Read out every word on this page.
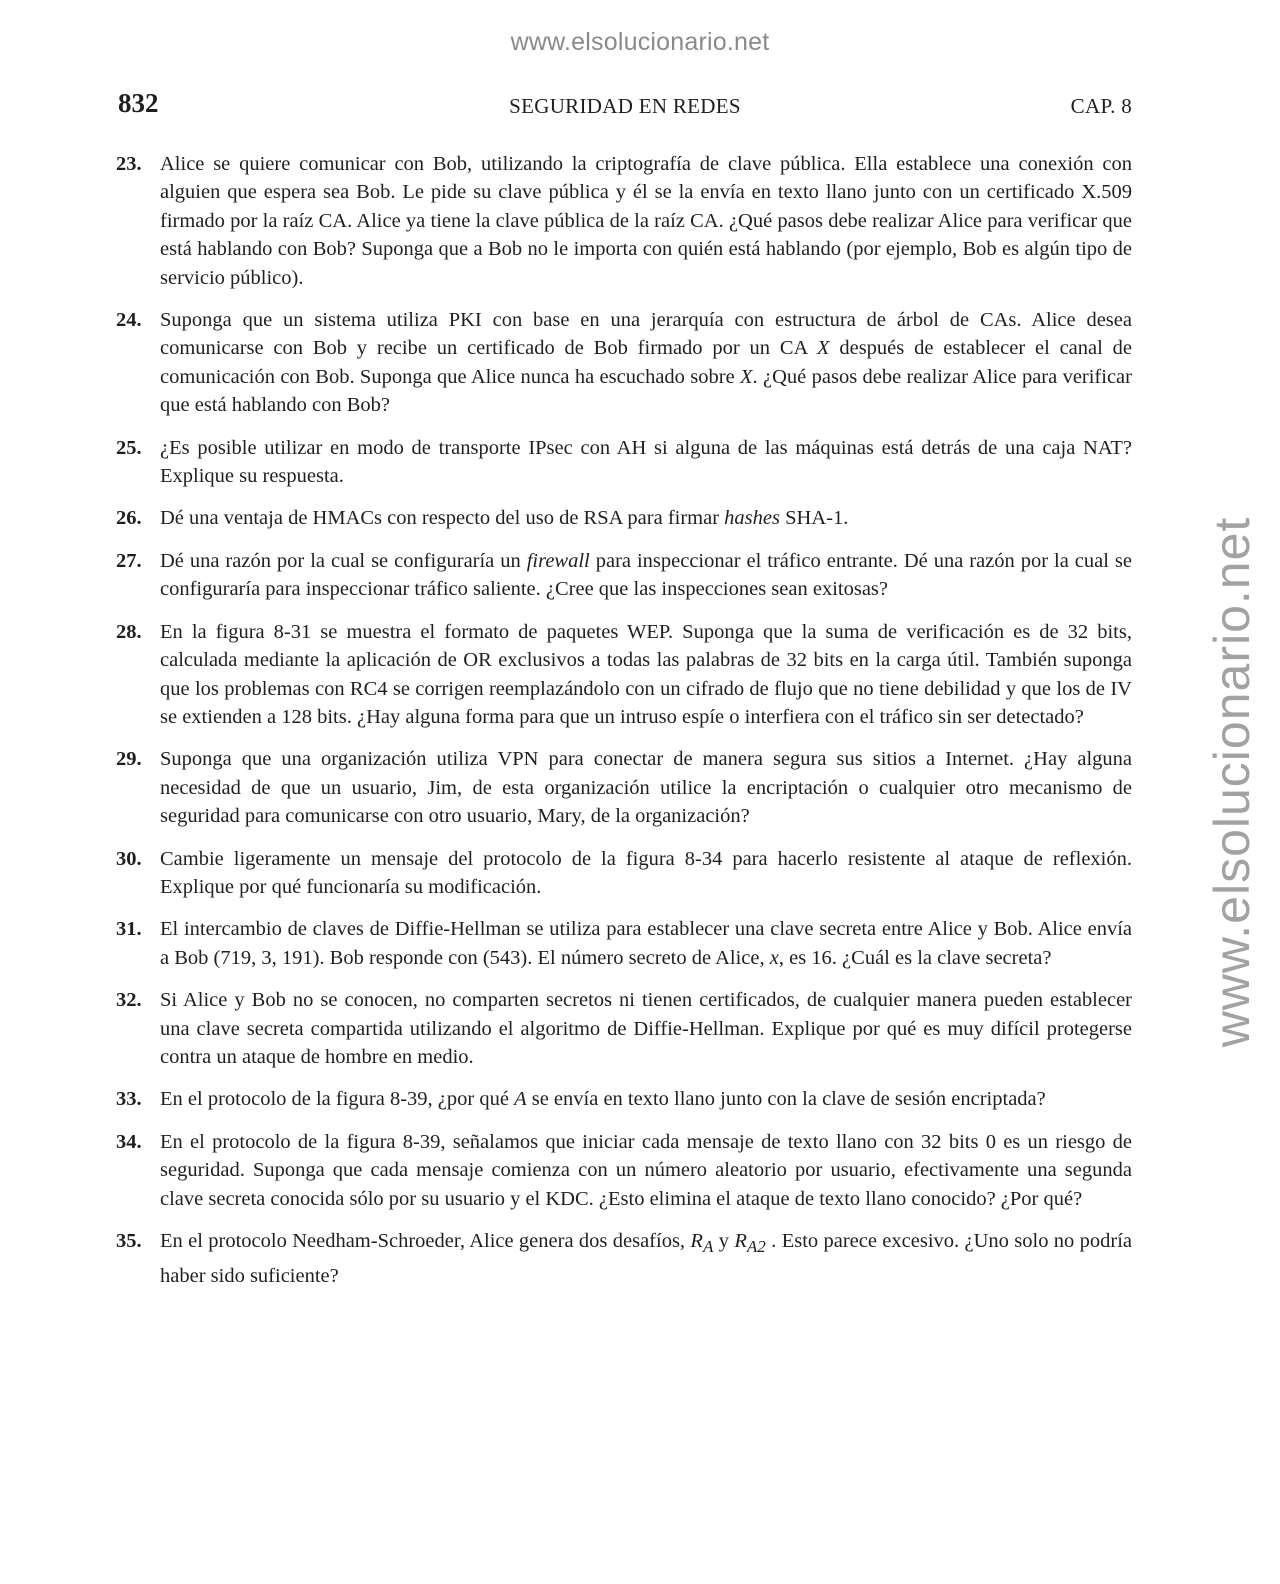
www.elsolucionario.net
www.elsolucionario.net
832	SEGURIDAD EN REDES	CAP. 8
23. Alice se quiere comunicar con Bob, utilizando la criptografía de clave pública. Ella establece una conexión con alguien que espera sea Bob. Le pide su clave pública y él se la envía en texto llano junto con un certificado X.509 firmado por la raíz CA. Alice ya tiene la clave pública de la raíz CA. ¿Qué pasos debe realizar Alice para verificar que está hablando con Bob? Suponga que a Bob no le importa con quién está hablando (por ejemplo, Bob es algún tipo de servicio público).
24. Suponga que un sistema utiliza PKI con base en una jerarquía con estructura de árbol de CAs. Alice desea comunicarse con Bob y recibe un certificado de Bob firmado por un CA X después de establecer el canal de comunicación con Bob. Suponga que Alice nunca ha escuchado sobre X. ¿Qué pasos debe realizar Alice para verificar que está hablando con Bob?
25. ¿Es posible utilizar en modo de transporte IPsec con AH si alguna de las máquinas está detrás de una caja NAT? Explique su respuesta.
26. Dé una ventaja de HMACs con respecto del uso de RSA para firmar hashes SHA-1.
27. Dé una razón por la cual se configuraría un firewall para inspeccionar el tráfico entrante. Dé una razón por la cual se configuraría para inspeccionar tráfico saliente. ¿Cree que las inspecciones sean exitosas?
28. En la figura 8-31 se muestra el formato de paquetes WEP. Suponga que la suma de verificación es de 32 bits, calculada mediante la aplicación de OR exclusivos a todas las palabras de 32 bits en la carga útil. También suponga que los problemas con RC4 se corrigen reemplazándolo con un cifrado de flujo que no tiene debilidad y que los de IV se extienden a 128 bits. ¿Hay alguna forma para que un intruso espíe o interfiera con el tráfico sin ser detectado?
29. Suponga que una organización utiliza VPN para conectar de manera segura sus sitios a Internet. ¿Hay alguna necesidad de que un usuario, Jim, de esta organización utilice la encriptación o cualquier otro mecanismo de seguridad para comunicarse con otro usuario, Mary, de la organización?
30. Cambie ligeramente un mensaje del protocolo de la figura 8-34 para hacerlo resistente al ataque de reflexión. Explique por qué funcionaría su modificación.
31. El intercambio de claves de Diffie-Hellman se utiliza para establecer una clave secreta entre Alice y Bob. Alice envía a Bob (719, 3, 191). Bob responde con (543). El número secreto de Alice, x, es 16. ¿Cuál es la clave secreta?
32. Si Alice y Bob no se conocen, no comparten secretos ni tienen certificados, de cualquier manera pueden establecer una clave secreta compartida utilizando el algoritmo de Diffie-Hellman. Explique por qué es muy difícil protegerse contra un ataque de hombre en medio.
33. En el protocolo de la figura 8-39, ¿por qué A se envía en texto llano junto con la clave de sesión encriptada?
34. En el protocolo de la figura 8-39, señalamos que iniciar cada mensaje de texto llano con 32 bits 0 es un riesgo de seguridad. Suponga que cada mensaje comienza con un número aleatorio por usuario, efectivamente una segunda clave secreta conocida sólo por su usuario y el KDC. ¿Esto elimina el ataque de texto llano conocido? ¿Por qué?
35. En el protocolo Needham-Schroeder, Alice genera dos desafíos, $R_A$ y $R_{A2}$ . Esto parece excesivo. ¿Uno solo no podría haber sido suficiente?
